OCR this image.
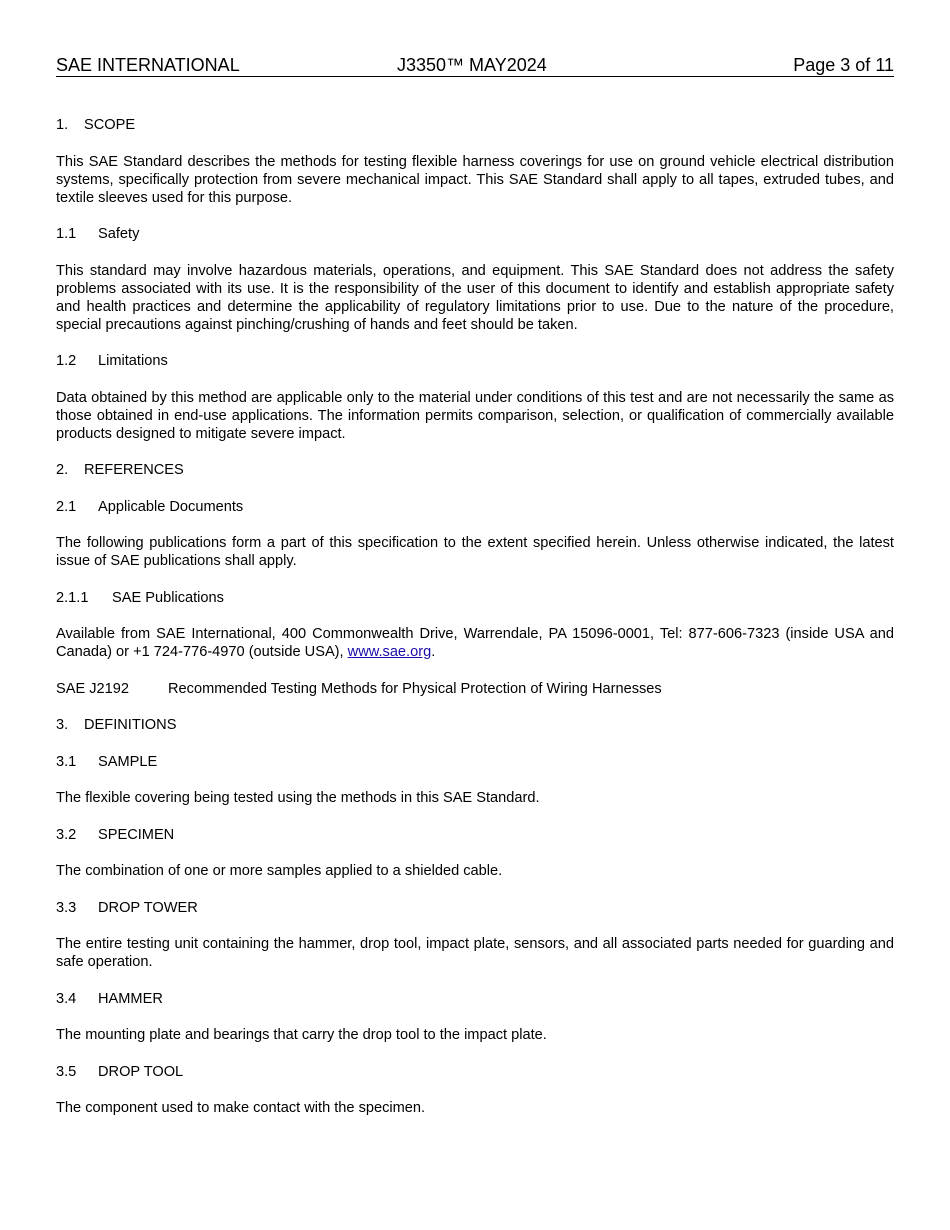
SAE INTERNATIONAL	J3350™ MAY2024	Page 3 of 11
1. SCOPE

This SAE Standard describes the methods for testing flexible harness coverings for use on ground vehicle electrical distribution systems, specifically protection from severe mechanical impact. This SAE Standard shall apply to all tapes, extruded tubes, and textile sleeves used for this purpose.

1.1 Safety

This standard may involve hazardous materials, operations, and equipment. This SAE Standard does not address the safety problems associated with its use. It is the responsibility of the user of this document to identify and establish appropriate safety and health practices and determine the applicability of regulatory limitations prior to use. Due to the nature of the procedure, special precautions against pinching/crushing of hands and feet should be taken.

1.2 Limitations

Data obtained by this method are applicable only to the material under conditions of this test and are not necessarily the same as those obtained in end-use applications. The information permits comparison, selection, or qualification of commercially available products designed to mitigate severe impact.

2. REFERENCES
2.1 Applicable Documents

The following publications form a part of this specification to the extent specified herein. Unless otherwise indicated, the latest issue of SAE publications shall apply.

2.1.1 SAE Publications

Available from SAE International, 400 Commonwealth Drive, Warrendale, PA 15096-0001, Tel: 877-606-7323 (inside USA and Canada) or +1 724-776-4970 (outside USA), www.sae.org.

SAE J2192	Recommended Testing Methods for Physical Protection of Wiring Harnesses
3. DEFINITIONS
3.1 SAMPLE

The flexible covering being tested using the methods in this SAE Standard.

3.2 SPECIMEN

The combination of one or more samples applied to a shielded cable.

3.3 DROP TOWER

The entire testing unit containing the hammer, drop tool, impact plate, sensors, and all associated parts needed for guarding and safe operation.

3.4 HAMMER

The mounting plate and bearings that carry the drop tool to the impact plate.

3.5 DROP TOOL

The component used to make contact with the specimen.
